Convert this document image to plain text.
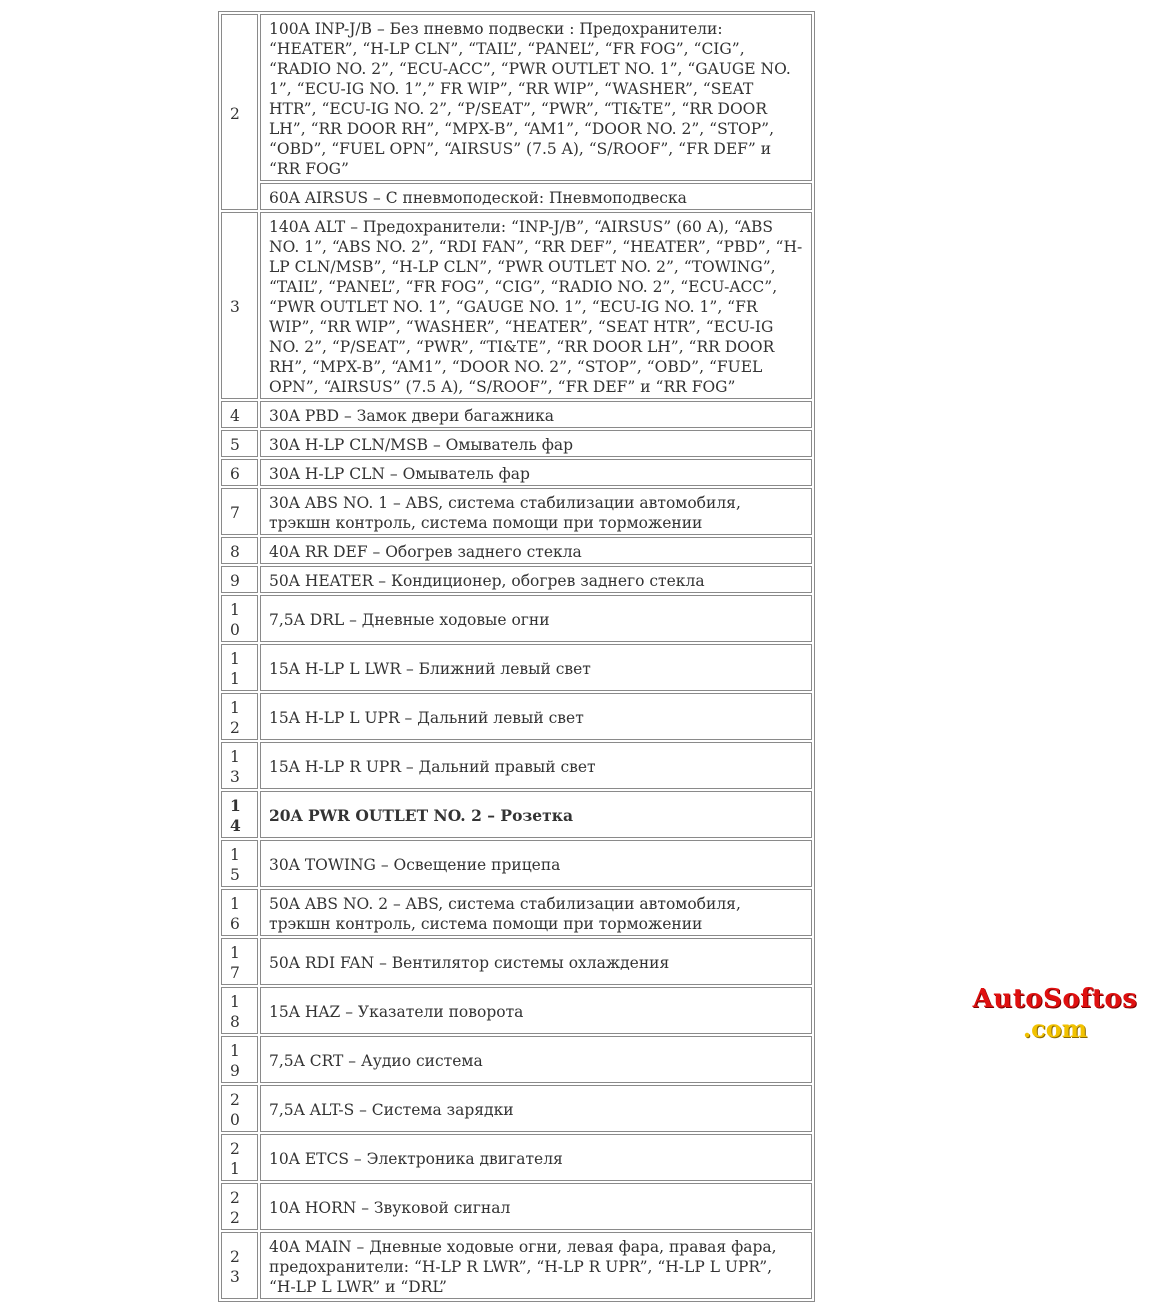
2	100A INP-J/B – Без пневмо подвески : Предохранители: “HEATER”, “H-LP CLN”, “TAIL”, “PANEL”, “FR FOG”, “CIG”, “RADIO NO. 2”, “ECU-ACC”, “PWR OUTLET NO. 1”, “GAUGE NO. 1”, “ECU-IG NO. 1”,” FR WIP”, “RR WIP”, “WASHER”, “SEAT HTR”, “ECU-IG NO. 2”, “P/SEAT”, “PWR”, “TI&TE”, “RR DOOR LH”, “RR DOOR RH”, “MPX-B”, “AM1”, “DOOR NO. 2”, “STOP”, “OBD”, “FUEL OPN”, “AIRSUS” (7.5 A), “S/ROOF”, “FR DEF” и “RR FOG”
	60A AIRSUS – С пневмоподеской: Пневмоподвеска
3	140A ALT – Предохранители: “INP-J/B”, “AIRSUS” (60 A), “ABS NO. 1”, “ABS NO. 2”, “RDI FAN”, “RR DEF”, “HEATER”, “PBD”, “H-LP CLN/MSB”, “H-LP CLN”, “PWR OUTLET NO. 2”, “TOWING”, “TAIL”, “PANEL”, “FR FOG”, “CIG”, “RADIO NO. 2”, “ECU-ACC”, “PWR OUTLET NO. 1”, “GAUGE NO. 1”, “ECU-IG NO. 1”, “FR WIP”, “RR WIP”, “WASHER”, “HEATER”, “SEAT HTR”, “ECU-IG NO. 2”, “P/SEAT”, “PWR”, “TI&TE”, “RR DOOR LH”, “RR DOOR RH”, “MPX-B”, “AM1”, “DOOR NO. 2”, “STOP”, “OBD”, “FUEL OPN”, “AIRSUS” (7.5 A), “S/ROOF”, “FR DEF” и “RR FOG”
4	30A PBD – Замок двери багажника
5	30A H-LP CLN/MSB – Омыватель фар
6	30A H-LP CLN – Омыватель фар
7	30A ABS NO. 1 – ABS, система стабилизации автомобиля, трэкшн контроль, система помощи при торможении
8	40A RR DEF – Обогрев заднего стекла
9	50A HEATER – Кондиционер, обогрев заднего стекла
10	7,5A DRL – Дневные ходовые огни
11	15A H-LP L LWR – Ближний левый свет
12	15A H-LP L UPR – Дальний левый свет
13	15A H-LP R UPR – Дальний правый свет
14	20A PWR OUTLET NO. 2 – Розетка
15	30A TOWING – Освещение прицепа
16	50A ABS NO. 2 – ABS, система стабилизации автомобиля, трэкшн контроль, система помощи при торможении
17	50A RDI FAN – Вентилятор системы охлаждения
18	15A HAZ – Указатели поворота
19	7,5A CRT – Аудио система
20	7,5A ALT-S – Система зарядки
21	10A ETCS – Электроника двигателя
22	10A HORN – Звуковой сигнал
23	40A MAIN – Дневные ходовые огни, левая фара, правая фара, предохранители: “H-LP R LWR”, “H-LP R UPR”, “H-LP L UPR”, “H-LP L LWR” и “DRL”
AutoSoftos
.com
